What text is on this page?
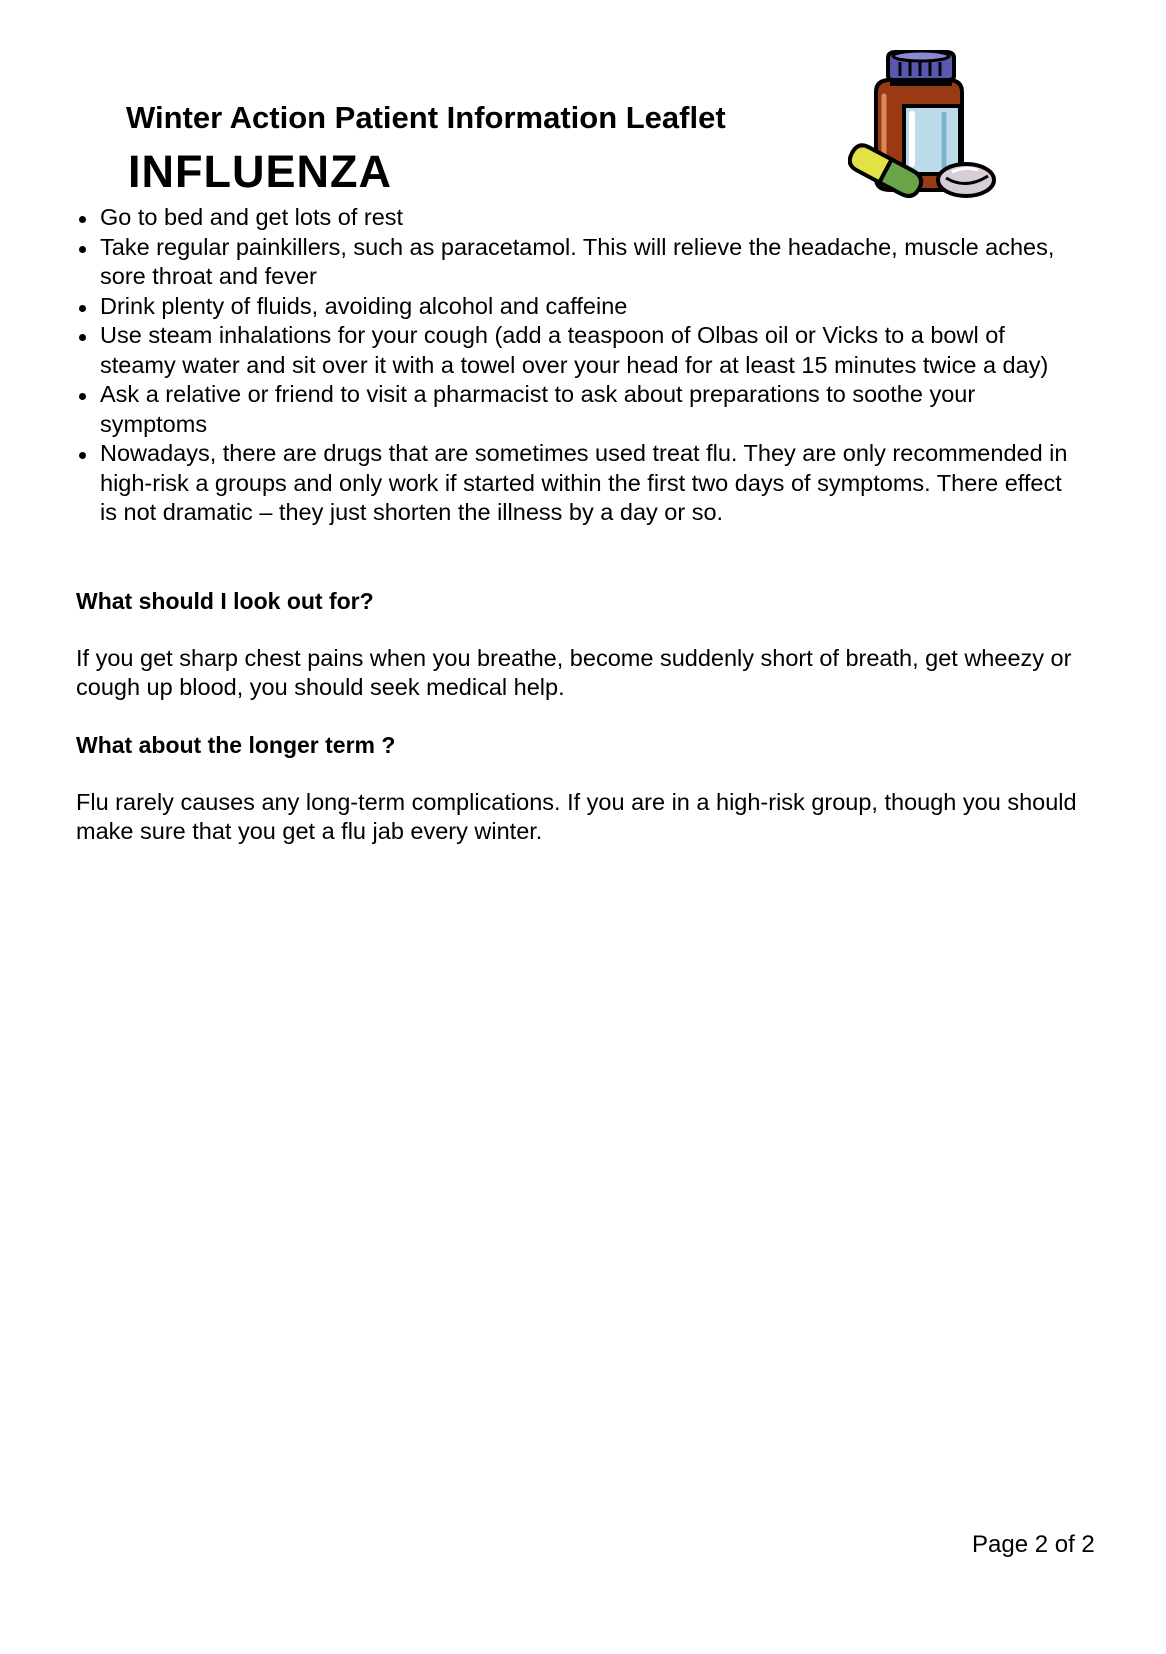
Winter Action Patient Information Leaflet
INFLUENZA
Go to bed and get lots of rest
Take regular painkillers, such as paracetamol. This will relieve the headache, muscle aches, sore throat and fever
Drink plenty of fluids, avoiding alcohol and caffeine
Use steam inhalations for your cough (add a teaspoon of Olbas oil or Vicks to a bowl of steamy water and sit over it with a towel over your head for at least 15 minutes twice a day)
Ask a relative or friend to visit a pharmacist to ask about preparations to soothe your symptoms
Nowadays, there are drugs that are sometimes used treat flu. They are only recommended in high-risk a groups and only work if started within the first two days of symptoms. There effect is not dramatic – they just shorten the illness by a day or so.
What should I look out for?
If you get sharp chest pains when you breathe, become suddenly short of breath, get wheezy or cough up blood, you should seek medical help.
What about the longer term ?
Flu rarely causes any long-term complications. If you are in a high-risk group, though you should make sure that you get a flu jab every winter.
Page 2 of 2
